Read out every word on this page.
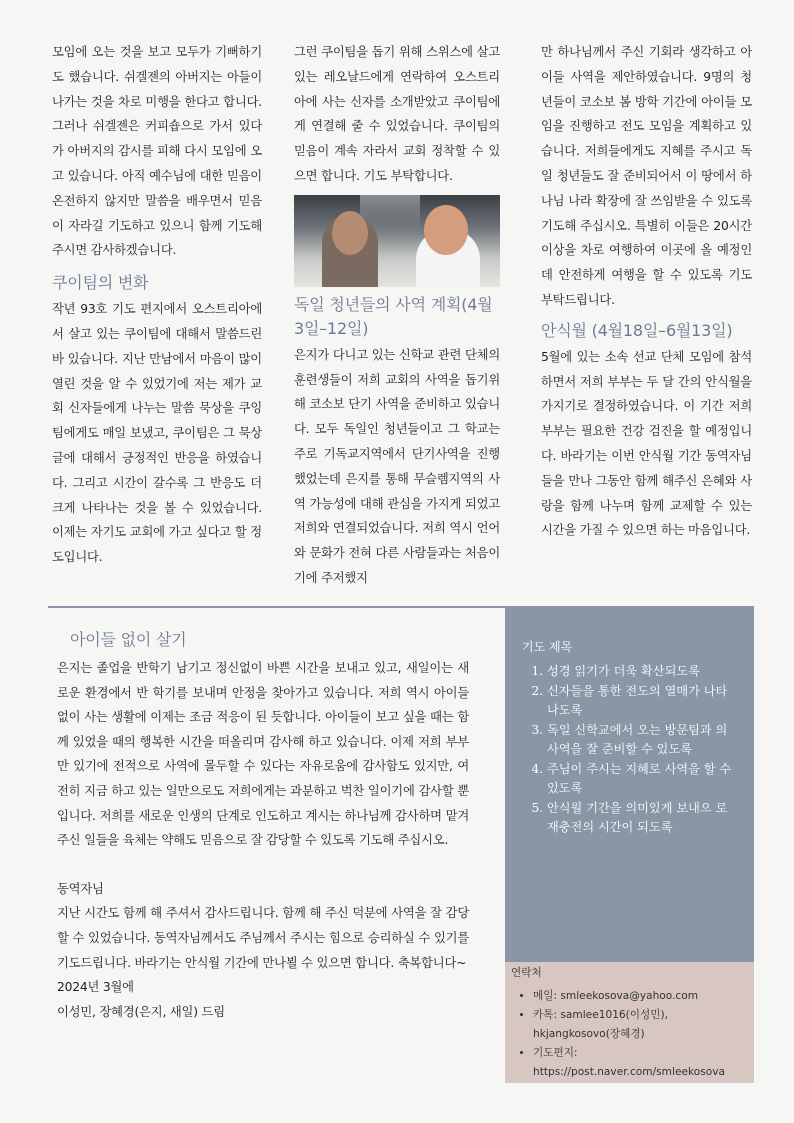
모임에 오는 것을 보고 모두가 기뻐하기도 했습니다. 쉬겔젠의 아버지는 아들이 나가는 것을 차로 미행을 한다고 합니다. 그러나 쉬겔젠은 커피숍으로 가서 있다가 아버지의 감시를 피해 다시 모임에 오고 있습니다. 아직 예수님에 대한 믿음이 온전하지 않지만 말씀을 배우면서 믿음이 자라길 기도하고 있으니 함께 기도해 주시면 감사하겠습니다.

쿠이팀의 변화

작년 93호 기도 편지에서 오스트리아에서 살고 있는 쿠이팀에 대해서 말씀드린 바 있습니다. 지난 만남에서 마음이 많이 열린 것을 알 수 있었기에 저는 제가 교회 신자들에게 나누는 말씀 묵상을 쿠잉팀에게도 매일 보냈고, 쿠이팀은 그 묵상 글에 대해서 긍정적인 반응을 하였습니다. 그리고 시간이 갈수록 그 반응도 더 크게 나타나는 것을 볼 수 있었습니다. 이제는 자기도 교회에 가고 싶다고 할 정도입니다.

그런 쿠이팀을 돕기 위해 스위스에 살고 있는 레오날드에게 연락하여 오스트리아에 사는 신자를 소개받았고 쿠이팀에게 연결해 줄 수 있었습니다. 쿠이팀의 믿음이 계속 자라서 교회 정착할 수 있으면 합니다. 기도 부탁합니다.

독일 청년들의 사역 계획(4월3일–12일)

은지가 다니고 있는 신학교 관련 단체의 훈련생들이 저희 교회의 사역을 돕기위해 코소보 단기 사역을 준비하고 있습니다. 모두 독일인 청년들이고 그 학교는 주로 기독교지역에서 단기사역을 진행했었는데 은지를 통해 무슬렘지역의 사역 가능성에 대해 관심을 가지게 되었고 저희와 연결되었습니다. 저희 역시 언어와 문화가 전혀 다른 사람들과는 처음이기에 주저했지

만 하나님께서 주신 기회라 생각하고 아이들 사역을 제안하였습니다. 9명의 청년들이 코소보 봄 방학 기간에 아이들 모임을 진행하고 전도 모임을 계획하고 있습니다. 저희들에게도 지혜를 주시고 독일 청년들도 잘 준비되어서 이 땅에서 하나님 나라 확장에 잘 쓰임받을 수 있도록 기도해 주십시오. 특별히 이들은 20시간 이상을 차로 여행하여 이곳에 올 예정인데 안전하게 여행을 할 수 있도록 기도 부탁드립니다.

안식월 (4월18일–6월13일)

5월에 있는 소속 선교 단체 모임에 참석하면서 저희 부부는 두 달 간의 안식월을 가지기로 결정하였습니다. 이 기간 저희 부부는 필요한 건강 검진을 할 예정입니다. 바라기는 이번 안식월 기간 동역자님들을 만나 그동안 함께 해주신 은혜와 사랑을 함께 나누며 함께 교제할 수 있는 시간을 가질 수 있으면 하는 마음입니다.

아이들 없이 살기

은지는 졸업을 반학기 남기고 정신없이 바쁜 시간을 보내고 있고, 새일이는 새로운 환경에서 반 학기를 보내며 안정을 찾아가고 있습니다. 저희 역시 아이들 없이 사는 생활에 이제는 조금 적응이 된 듯합니다. 아이들이 보고 싶을 때는 함께 있었을 때의 행복한 시간을 떠올리며 감사해 하고 있습니다. 이제 저희 부부만 있기에 전적으로 사역에 몰두할 수 있다는 자유로움에 감사함도 있지만, 여전히 지금 하고 있는 일만으로도 저희에게는 과분하고 벅찬 일이기에 감사할 뿐입니다. 저희를 새로운 인생의 단계로 인도하고 계시는 하나님께 감사하며 맡겨주신 일들을 육체는 약해도 믿음으로 잘 감당할 수 있도록 기도해 주십시오.

동역자님

지난 시간도 함께 해 주셔서 감사드립니다. 함께 해 주신 덕분에 사역을 잘 감당할 수 있었습니다. 동역자님께서도 주님께서 주시는 힘으로 승리하실 수 있기를 기도드립니다. 바라기는 안식월 기간에 만나뵐 수 있으면 합니다. 축복합니다~

2024년 3월에

이성민, 장혜경(은지, 새일) 드림

기도 제목
1. 성경 읽기가 더욱 확산되도록
2. 신자들을 통한 전도의 열매가 나타나도록
3. 독일 신학교에서 오는 방문팀과 의 사역을 잘 준비할 수 있도록
4. 주님이 주시는 지혜로 사역을 할 수 있도록
5. 안식월 기간을 의미있게 보내으 로 재충전의 시간이 되도록
연락처
• 메일: smleekosova@yahoo.com
• 카톡: samlee1016(이성민), hkjangkosovo(장혜경)
• 기도편지:
https://post.naver.com/smleekosova
